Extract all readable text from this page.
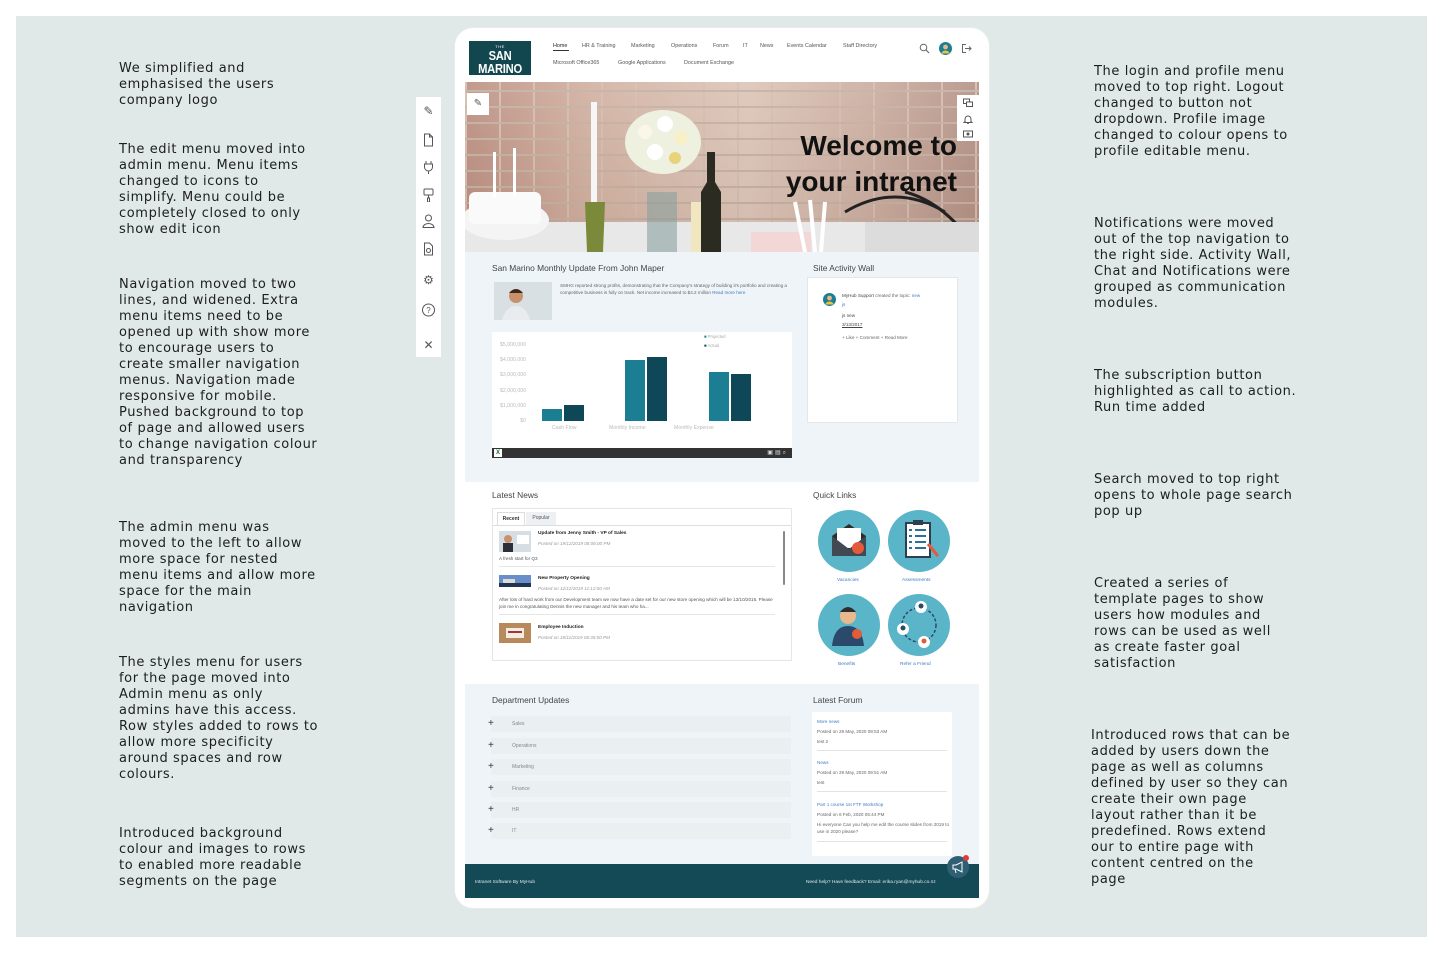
We simplified and
emphasised the users
company logo
The edit menu moved into
admin menu. Menu items
changed to icons to
simplify. Menu could be
completely closed to only
show edit icon
Navigation moved to two
lines, and widened. Extra
menu items need to be
opened up with show more
to encourage users to
create smaller navigation
menus. Navigation made
responsive for mobile.
Pushed background to top
of page and allowed users
to change navigation colour
and transparency
The admin menu was
moved to the left to allow
more space for nested
menu items and allow more
space for the main
navigation
The styles menu for users
for the page moved into
Admin menu as only
admins have this access.
Row styles added to rows to
allow more specificity
around spaces and row
colours.
Introduced background
colour and images to rows
to enabled more readable
segments on the page
The login and profile menu
moved to top right. Logout
changed to button not
dropdown. Profile image
changed to colour opens to
profile editable menu.
Notifications were moved
out of the top navigation to
the right side. Activity Wall,
Chat and Notifications were
grouped as communication
modules.
The subscription button
highlighted as call to action.
Run time added
Search moved to top right
opens to whole page search
pop up
Created a series of
template pages to show
users how modules and
rows can be used as well
as create faster goal
satisfaction
Introduced rows that can be
added by users down the
page as well as columns
defined by user so they can
create their own page
layout rather than it be
predefined. Rows extend
our to entire page with
content centred on the
page
✎
⚙
?
✕
THE
SAN MARINO
HOTEL GROUP
Home	HR & Training	Marketing	Operations	Forum	IT News	Events Calendar	Staff Directory
Microsoft Office365	Google Applications	Document Exchange
Welcome to
your intranet
✎
San Marino Monthly Update From John Maper
SMHG reported strong profits, demonstrating that the Company's strategy of building it's portfolio and creating a competitive business is fully on track. Net income increased to $4.2 million Read more here
$5,000,000
$4,000,000
$3,000,000
$2,000,000
$1,000,000
$0
■ Projected
■ Actual
Cash Flow	Monthly Income	Monthly Expense
X	▣▤⌕
Site Activity Wall
MyHub Support created the topic: new
js
js new
3/13/2017
+ Like + Comment + Read More
Latest News
Recent	Popular
Update from Jenny Smith - VP of Sales
Posted on 19/12/2019 08:06:00 PM
A fresh start for Q3
New Property Opening
Posted on 12/12/2019 11:12:00 AM
After lots of hard work from our Development team we now have a date set for our new store opening which will be 13/10/2016. Please join me in congratulating Dennis the new manager and his team who ha...
Employee Induction
Posted on 18/11/2019 06:35:00 PM
Quick Links
Vacancies	Assessments
Benefits	Refer a Friend
Department Updates
+	Sales
+	Operations
+	Marketing
+	Finance
+	HR
+	IT
Latest Forum
More news
Posted on 29 May, 2020 09:53 AM
test 2
News
Posted on 29 May, 2020 09:51 AM
test
Part 1 course 1st FTF Workshop
Posted on 6 Feb, 2020 05:44 PM
Hi everyone Can you help me edit the course slides from 2019 to use in 2020 please?
Intranet Software By MyHub	Need help? Have feedback? Email: erika.ryan@myhub.co.nz
